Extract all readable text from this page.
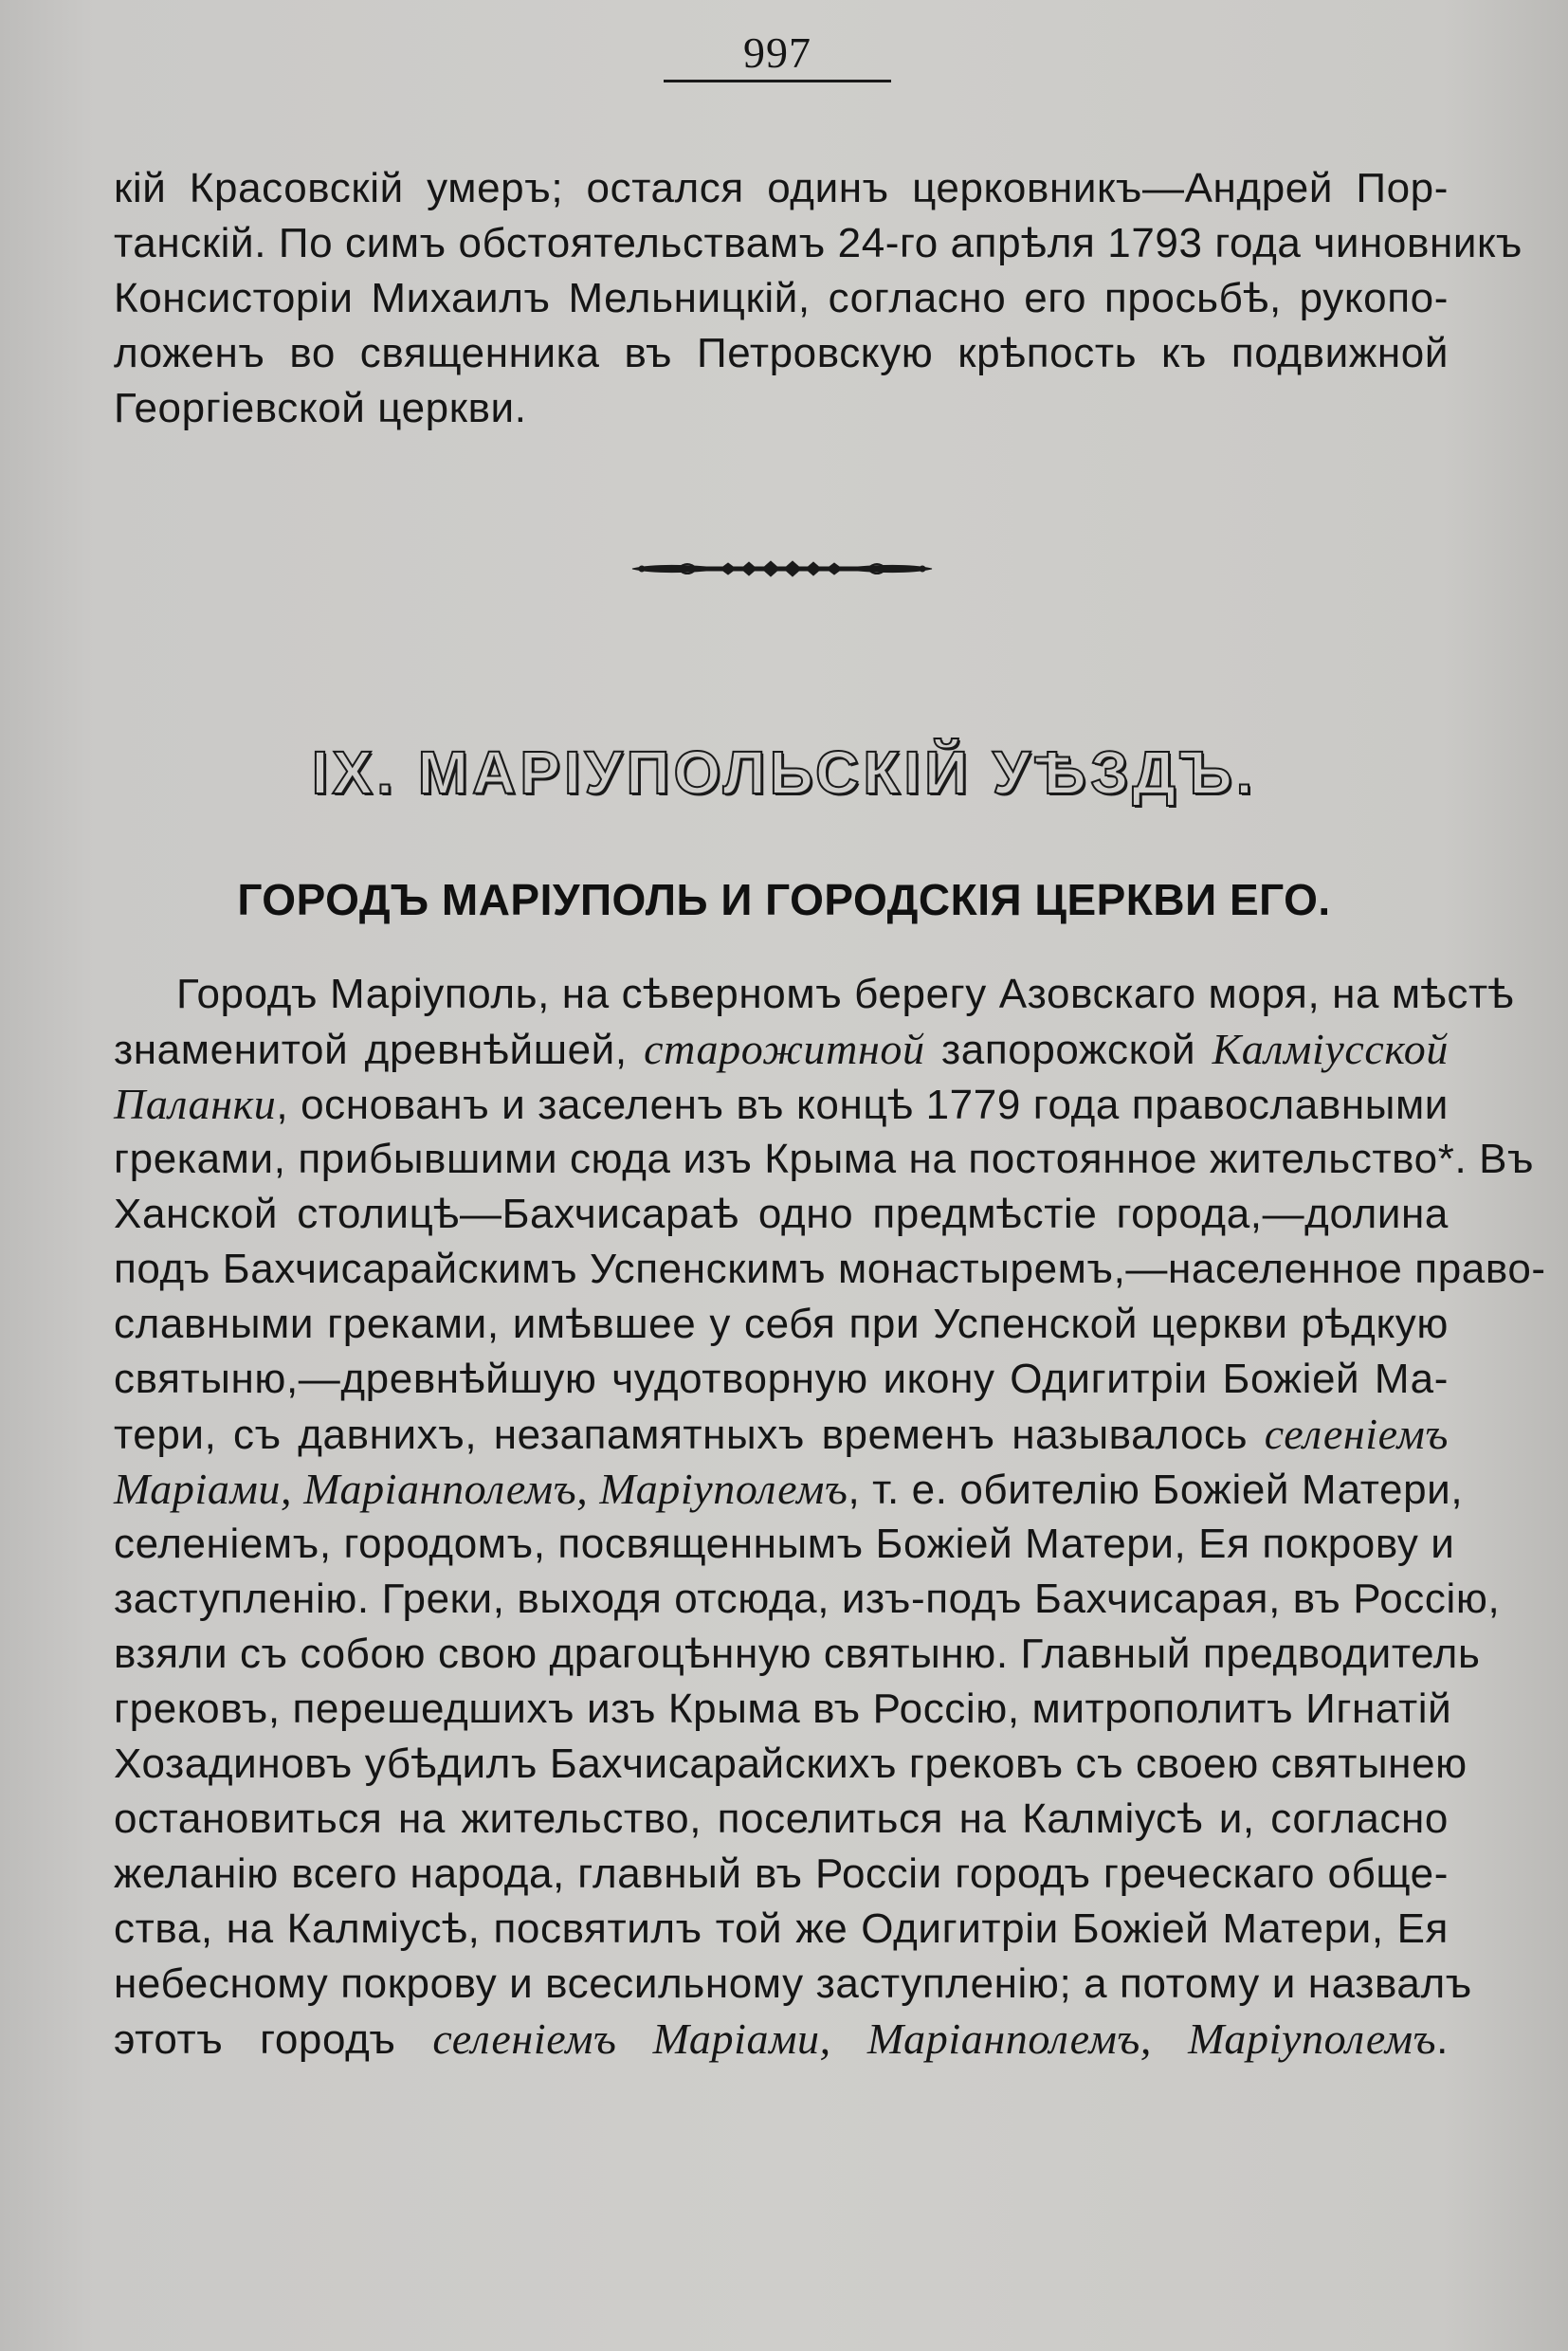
997
кій Красовскій умеръ; остался одинъ церковникъ—Андрей Пор-
танскій. По симъ обстоятельствамъ 24-го апрѣля 1793 года чиновникъ
Консисторіи Михаилъ Мельницкій, согласно его просьбѣ, рукопо-
ложенъ во священника въ Петровскую крѣпость къ подвижной
Георгіевской церкви.
IX. МАРІУПОЛЬСКІЙ УѢЗДЪ.
ГОРОДЪ МАРІУПОЛЬ И ГОРОДСКІЯ ЦЕРКВИ ЕГО.
Городъ Маріуполь, на сѣверномъ берегу Азовскаго моря, на мѣстѣ
знаменитой древнѣйшей, старожитной запорожской Калміусской
Паланки, основанъ и заселенъ въ концѣ 1779 года православными
греками, прибывшими сюда изъ Крыма на постоянное жительство*. Въ
Ханской столицѣ—Бахчисараѣ одно предмѣстіе города,—долина
подъ Бахчисарайскимъ Успенскимъ монастыремъ,—населенное право-
славными греками, имѣвшее у себя при Успенской церкви рѣдкую
святыню,—древнѣйшую чудотворную икону Одигитріи Божіей Ма-
тери, съ давнихъ, незапамятныхъ временъ называлось селеніемъ
Маріами, Маріанполемъ, Маріуполемъ, т. е. обителію Божіей Матери,
селеніемъ, городомъ, посвященнымъ Божіей Матери, Ея покрову и
заступленію. Греки, выходя отсюда, изъ-подъ Бахчисарая, въ Россію,
взяли съ собою свою драгоцѣнную святыню. Главный предводитель
грековъ, перешедшихъ изъ Крыма въ Россію, митрополитъ Игнатій
Хозадиновъ убѣдилъ Бахчисарайскихъ грековъ съ своею святынею
остановиться на жительство, поселиться на Калміусѣ и, согласно
желанію всего народа, главный въ Россіи городъ греческаго обще-
ства, на Калміусѣ, посвятилъ той же Одигитріи Божіей Матери, Ея
небесному покрову и всесильному заступленію; а потому и назвалъ
этотъ городъ селеніемъ Маріами, Маріанполемъ, Маріуполемъ.
